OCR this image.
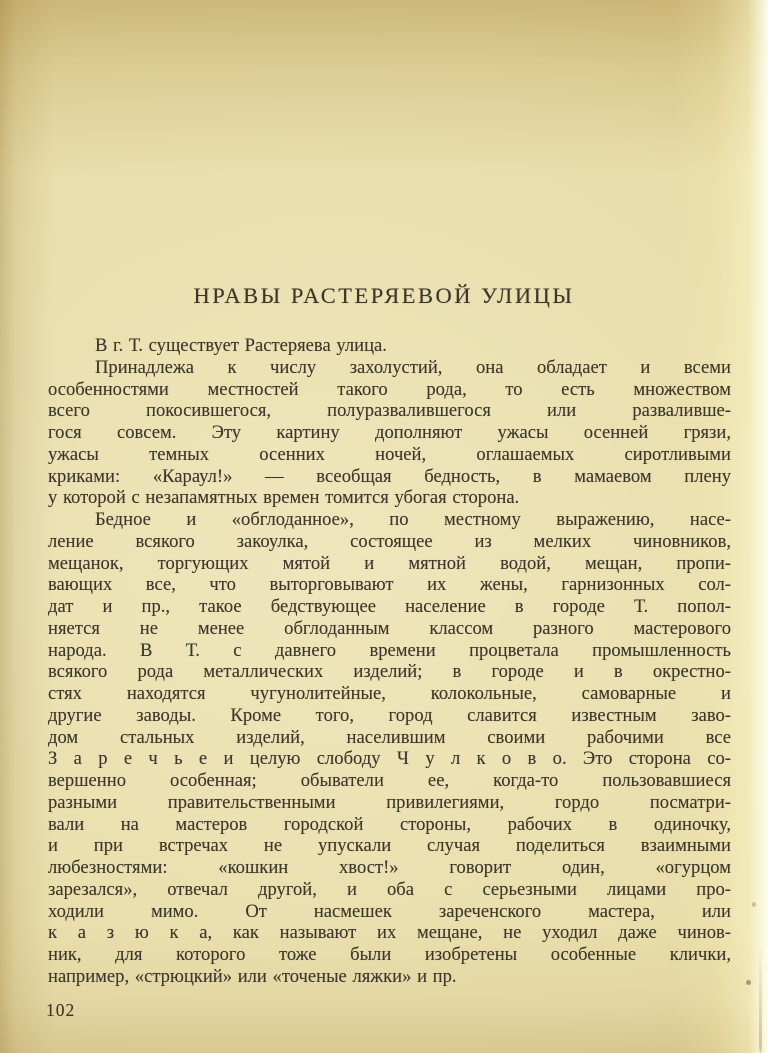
НРАВЫ РАСТЕРЯЕВОЙ УЛИЦЫ
В г. Т. существует Растеряева улица.
Принадлежа к числу захолустий, она обладает и всеми
особенностями местностей такого рода, то есть множеством
всего покосившегося, полуразвалившегося или разваливше-
гося совсем. Эту картину дополняют ужасы осенней грязи,
ужасы темных осенних ночей, оглашаемых сиротливыми
криками: «Караул!» — всеобщая бедность, в мамаевом плену
у которой с незапамятных времен томится убогая сторона.
Бедное и «обглоданное», по местному выражению, насе-
ление всякого закоулка, состоящее из мелких чиновников,
мещанок, торгующих мятой и мятной водой, мещан, пропи-
вающих все, что выторговывают их жены, гарнизонных сол-
дат и пр., такое бедствующее население в городе Т. попол-
няется не менее обглоданным классом разного мастерового
народа. В Т. с давнего времени процветала промышленность
всякого рода металлических изделий; в городе и в окрестно-
стях находятся чугунолитейные, колокольные, самоварные и
другие заводы. Кроме того, город славится известным заво-
дом стальных изделий, населившим своими рабочими все
З а р е ч ь е и целую слободу Ч у л к о в о. Это сторона со-
вершенно особенная; обыватели ее, когда-то пользовавшиеся
разными правительственными привилегиями, гордо посматри-
вали на мастеров городской стороны, рабочих в одиночку,
и при встречах не упускали случая поделиться взаимными
любезностями: «кошкин хвост!» говорит один, «огурцом
зарезался», отвечал другой, и оба с серьезными лицами про-
ходили мимо. От насмешек зареченского мастера, или
к а з ю к а, как называют их мещане, не уходил даже чинов-
ник, для которого тоже были изобретены особенные клички,
например, «стрюцкий» или «точеные ляжки» и пр.
102
